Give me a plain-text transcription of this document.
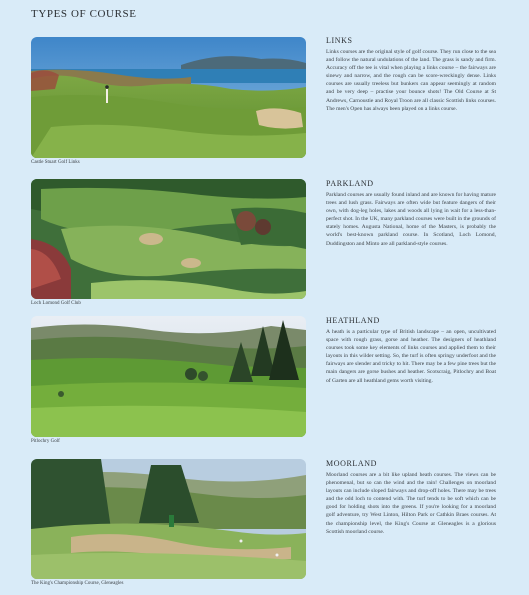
TYPES OF COURSE
Castle Stuart Golf Links
LINKS
Links courses are the original style of golf course. They run close to the sea and follow the natural undulations of the land. The grass is sandy and firm. Accuracy off the tee is vital when playing a links course – the fairways are sinewy and narrow, and the rough can be score-wreckingly dense. Links courses are usually treeless but bunkers can appear seemingly at random and be very deep – practise your bounce shots! The Old Course at St Andrews, Carnoustie and Royal Troon are all classic Scottish links courses. The men's Open has always been played on a links course.
Loch Lomond Golf Club
PARKLAND
Parkland courses are usually found inland and are known for having mature trees and lush grass. Fairways are often wide but feature dangers of their own, with dog-leg holes, lakes and woods all lying in wait for a less-than-perfect shot. In the UK, many parkland courses were built in the grounds of stately homes. Augusta National, home of the Masters, is probably the world's best-known parkland course. In Scotland, Loch Lomond, Duddingston and Minto are all parkland-style courses.
Pitlochry Golf
HEATHLAND
A heath is a particular type of British landscape – an open, uncultivated space with rough grass, gorse and heather. The designers of heathland courses took some key elements of links courses and applied them to their layouts in this wilder setting. So, the turf is often springy underfoot and the fairways are slender and tricky to hit. There may be a few pine trees but the main dangers are gorse bushes and heather. Scotscraig, Pitlochry and Boat of Garten are all heathland gems worth visiting.
The King's Championship Course, Gleneagles
MOORLAND
Moorland courses are a bit like upland heath courses. The views can be phenomenal, but so can the wind and the rain! Challenges on moorland layouts can include sloped fairways and drop-off holes. There may be trees and the odd loch to contend with. The turf tends to be soft which can be good for holding shots into the greens. If you're looking for a moorland golf adventure, try West Linton, Hilton Park or Cathkin Braes courses. At the championship level, the King's Course at Gleneagles is a glorious Scottish moorland course.
